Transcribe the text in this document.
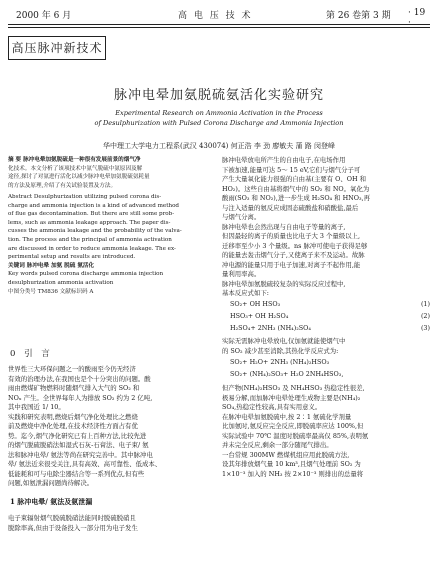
2000 年 6 月	高 电 压 技 术	第 26 卷第 3 期 · 19 ·
高压脉冲新技术
脉冲电晕加氨脱硫氨活化实验研究
Experimental Research on Ammonia Activation in the Process
of Desulphurization with Pulsed Corona Discharge and Ammonia Injection
华中理工大学电力工程系(武汉 430074) 何正浩 李 劲 廖敏夫 蒲 路 闵登峰

摘 要 脉冲电晕加氨脱硫是一种很有发展前景的烟气净

化技术。本文分析了该项技术中氨气脱硫中氨原因及解

途径,探讨了对氨进行活化以减少脉冲电晕加氨脱硫氨耗量

的方法及原理,介绍了有关试验装置及方法。

Abstract Desulphurization utilizing pulsed corona dis-

charge and ammonia injection is a kind of advanced method

of flue gas decontamination. But there are still some prob-

lems, such as ammonia leakage approach. The paper dis-

cusses the ammonia leakage and the probability of the valva-

tion. The process and the principal of ammonia activation

are discussed in order to reduce ammonia leakage. The ex-

perimental setup and results are introduced.

关键词 脉冲电晕 加氨 脱硫 氨活化

Key words pulsed corona discharge ammonia injection

desulphurization ammonia activation

中图分类号 TM836 文献标识码 A

0 引 言

世界性三大环保问题之一的酸雨至今仍无经济

有效的治理办法,在我国也是个十分突出的问题。酸

雨由燃煤矿物燃料时随烟气排入大气的 SO₂ 和

NOₓ 产生。全世界每年人为排放 SO₂ 约为 2 亿吨,

其中我国近 1/ 10。

实践和研究表明,燃烧后烟气净化处理比之燃烧

前及燃烧中净化处理,在技术经济性方面占有优

势。迄今,烟气净化研究已有上百种方法,比较先进

的烟气脱硫脱硝法如湿式石灰-石膏法、电子束/ 氨

法和脉冲电晕/ 氨法等尚在研究完善中。其中脉冲电

晕/ 氨法近来很受关注,具有高效、高可靠性、低成本、

低能耗和可与电除尘器结合等一系列优点,但有些

问题,如氨泄漏问题尚待解决。

1 脉冲电晕/ 氨法及氨泄漏

电子束辐射烟气脱硫脱硝法能同时脱硫脱硝且

脱除率高,但由于设备投入一部分用为电子发生

脉冲电晕放电所产生的自由电子,在电场作用

下被加速,能量可达 5～ 15 eV,它们与烟气分子可

产生大量氧化能力很强的自由基(主要有 O、OH 和

HO₂)。这些自由基将烟气中的 SO₂ 和 NO。氧化为

酸雨(SO₃ 和 NO₂),进一步生成 H₂SO₄ 和 HNO₃,再

与注入适量的氨反应成固态硫酸盐和硝酸盐,最后

与烟气分离。

脉冲电晕也会然出现与自由电子等量的离子,

但因最轻的离子的质量也比电子大 3 个量级以上,

迁移率至少小 3 个量级。ns 脉冲可使电子获得足够

的能量去轰击烟气分子,又使离子来不及运动。故脉

冲电源的能量只用于电子加速,对离子不起作用,能

量利用率高。

脉冲电晕加氨脱硫较复杂的实际反应过程中,

基本反应式如下:

SO₂+ OH HSO₃	(1)
HSO₃+ OH H₂SO₄	(2)
H₂SO₄+ 2NH₃ (NH₄)₂SO₄	(3)

实际无需脉冲电晕放电,仅加氨就能使烟气中

的 SO₂ 减少甚至消除,其热化学反应式为:

SO₂+ H₂O+ 2NH₃ (NH₄)₂HSO₃
SO₂+ (NH₄)₂SO₃+ H₂O 2NH₄HSO₃,

但产物(NH₄)₂HSO₃ 及 NH₄HSO₃ 热稳定性很差,

极易分解,而加脉冲电晕处理生成物主要是(NH₄)₂

SO₄,热稳定性较高,具有实用意义。

在脉冲电晕加氨脱硫中,按 2∶1 氨硫化学剂量

比加氨时,氨反应完全反应,即脱硫率应达 100%,但

实际试验中 70℃ 温度时脱硫率最高仅 85%,表明氨

并未完全反应,剩余一部分随尾气排出。

一台常规 300MW 燃煤机组应用此脱硫方法,

设其年排放烟气量 10 km³,且烟气处理前 SO₂ 为

1×10⁻³ 加入的 NH₃ 按 2×10⁻³ 则排出的总量将
